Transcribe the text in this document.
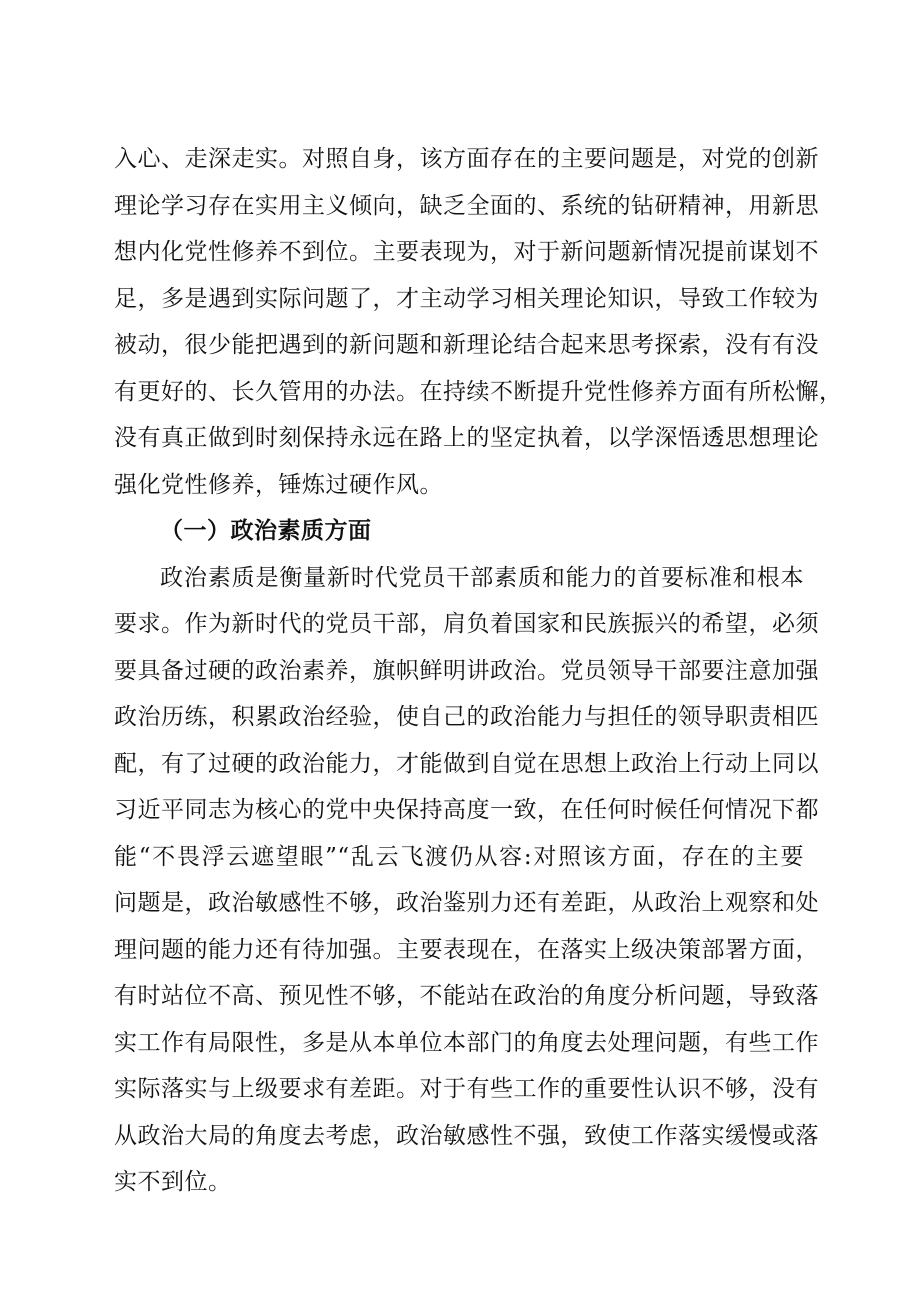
入心、走深走实。对照自身，该方面存在的主要问题是，对党的创新
理论学习存在实用主义倾向，缺乏全面的、系统的钻研精神，用新思
想内化党性修养不到位。主要表现为，对于新问题新情况提前谋划不
足，多是遇到实际问题了，才主动学习相关理论知识，导致工作较为
被动，很少能把遇到的新问题和新理论结合起来思考探索，没有有没
有更好的、长久管用的办法。在持续不断提升党性修养方面有所松懈，
没有真正做到时刻保持永远在路上的坚定执着，以学深悟透思想理论
强化党性修养，锤炼过硬作风。
（一）政治素质方面
政治素质是衡量新时代党员干部素质和能力的首要标准和根本
要求。作为新时代的党员干部，肩负着国家和民族振兴的希望，必须
要具备过硬的政治素养，旗帜鲜明讲政治。党员领导干部要注意加强
政治历练，积累政治经验，使自己的政治能力与担任的领导职责相匹
配，有了过硬的政治能力，才能做到自觉在思想上政治上行动上同以
习近平同志为核心的党中央保持高度一致，在任何时候任何情况下都
能“不畏浮云遮望眼”“乱云飞渡仍从容:对照该方面，存在的主要
问题是，政治敏感性不够，政治鉴别力还有差距，从政治上观察和处
理问题的能力还有待加强。主要表现在，在落实上级决策部署方面，
有时站位不高、预见性不够，不能站在政治的角度分析问题，导致落
实工作有局限性，多是从本单位本部门的角度去处理问题，有些工作
实际落实与上级要求有差距。对于有些工作的重要性认识不够，没有
从政治大局的角度去考虑，政治敏感性不强，致使工作落实缓慢或落
实不到位。
